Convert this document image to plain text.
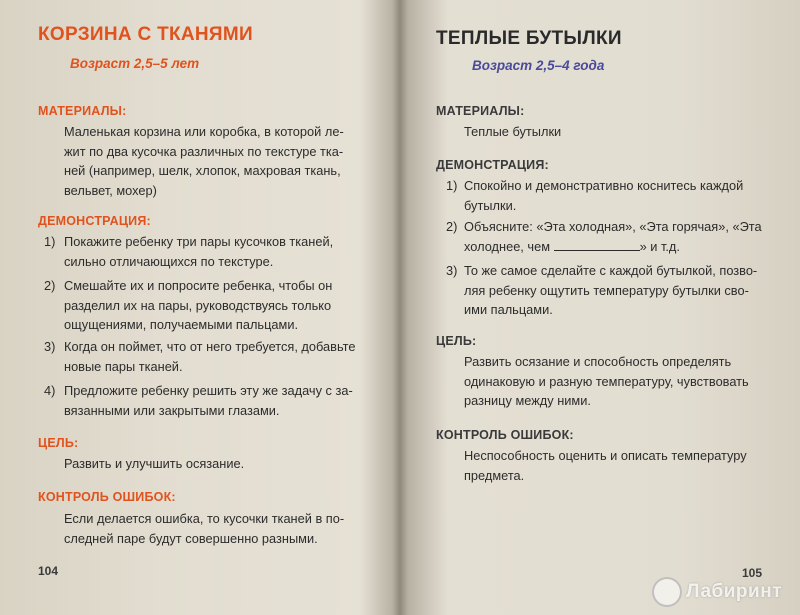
КОРЗИНА С ТКАНЯМИ
Возраст 2,5–5 лет
МАТЕРИАЛЫ:
Маленькая корзина или коробка, в которой ле-
жит по два кусочка различных по текстуре тка-
ней (например, шелк, хлопок, махровая ткань,
вельвет, мохер)
ДЕМОНСТРАЦИЯ:
1) Покажите ребенку три пары кусочков тканей,
сильно отличающихся по текстуре.
2) Смешайте их и попросите ребенка, чтобы он
разделил их на пары, руководствуясь только
ощущениями, получаемыми пальцами.
3) Когда он поймет, что от него требуется, добавьте
новые пары тканей.
4) Предложите ребенку решить эту же задачу с за-
вязанными или закрытыми глазами.
ЦЕЛЬ:
Развить и улучшить осязание.
КОНТРОЛЬ ОШИБОК:
Если делается ошибка, то кусочки тканей в по-
следней паре будут совершенно разными.
104
ТЕПЛЫЕ БУТЫЛКИ
Возраст 2,5–4 года
МАТЕРИАЛЫ:
Теплые бутылки
ДЕМОНСТРАЦИЯ:
1) Спокойно и демонстративно коснитесь каждой
бутылки.
2) Объясните: «Эта холодная», «Эта горячая», «Эта
холоднее, чем	» и т.д.
3) То же самое сделайте с каждой бутылкой, позво-
ляя ребенку ощутить температуру бутылки сво-
ими пальцами.
ЦЕЛЬ:
Развить осязание и способность определять
одинаковую и разную температуру, чувствовать
разницу между ними.
КОНТРОЛЬ ОШИБОК:
Неспособность оценить и описать температуру
предмета.
105
Лабиринт
